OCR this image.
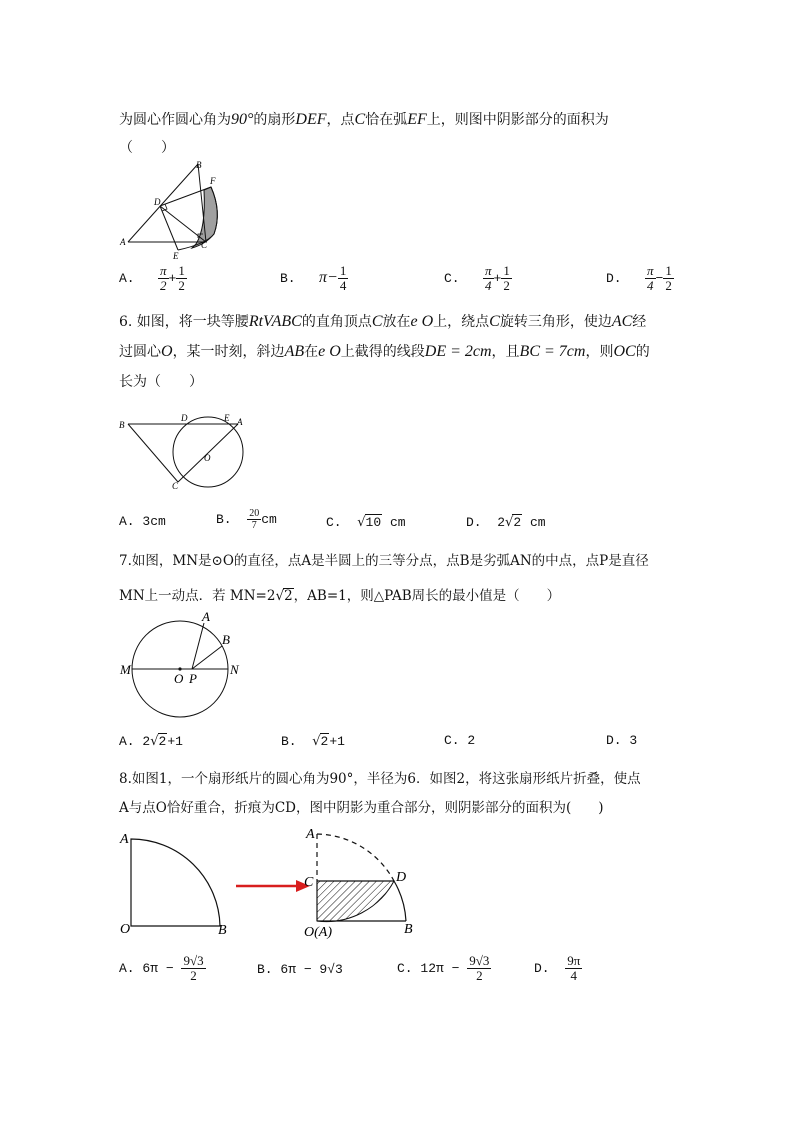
为圆心作圆心角为90°的扇形DEF，点C恰在弧EF上，则图中阴影部分的面积为
（　　）
B
F
D
A
E
C
A. $\frac{\pi}{2} + \frac{1}{2}$	B. $\pi- \frac{1}{4}$	C. $\frac{\pi}{4} + \frac{1}{2}$	D. $\frac{\pi}{4} - \frac{1}{2}$
6. 如图，将一块等腰RtVABC的直角顶点C放在e O上，绕点C旋转三角形，使边AC经
过圆心O，某一时刻，斜边AB在e O上截得的线段DE = 2cm，且BC = 7cm，则OC的
长为（　　）
B
D	E A
O
C
A. 3cm	B. $\frac{20}{7}$ cm	C. √10 cm	D. 2√2 cm
7.如图，MN是⊙O的直径，点A是半圆上的三等分点，点B是劣弧AN的中点，点P是直径
MN上一动点．若 MN=2√2，AB=1，则△PAB周长的最小值是（　　）
M
O P
N
A
B
A. 2√2+1	B. √2+1	C. 2	D. 3
8.如图1，一个扇形纸片的圆心角为90°，半径为6．如图2，将这张扇形纸片折叠，使点
A与点O恰好重合，折痕为CD，图中阴影为重合部分，则阴影部分的面积为(　　)
A
O	B
A
C	D
O(A)	B
A. $6\pi - \frac{9√3}{2}$	B. 6π − 9√3	C. $12\pi - \frac{9√3}{2}$	D. $\frac{9\pi}{4}$
